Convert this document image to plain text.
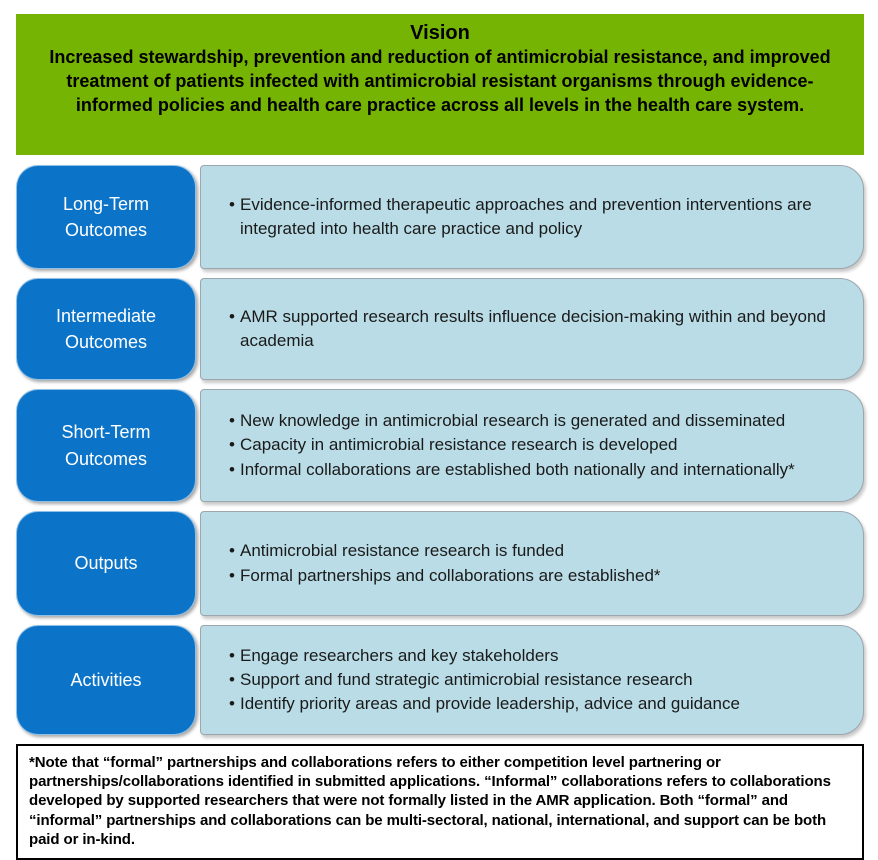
Vision
Increased stewardship, prevention and reduction of antimicrobial resistance, and improved treatment of patients infected with antimicrobial resistant organisms through evidence-informed policies and health care practice across all levels in the health care system.
Long-Term Outcomes
• Evidence-informed therapeutic approaches and prevention interventions are integrated into health care practice and policy
Intermediate Outcomes
• AMR supported research results influence decision-making within and beyond academia
Short-Term Outcomes
• New knowledge in antimicrobial research is generated and disseminated
• Capacity in antimicrobial resistance research is developed
• Informal collaborations are established both nationally and internationally*
Outputs
• Antimicrobial resistance research is funded
• Formal partnerships and collaborations are established*
Activities
• Engage researchers and key stakeholders
• Support and fund strategic antimicrobial resistance research
• Identify priority areas and provide leadership, advice and guidance
*Note that “formal” partnerships and collaborations refers to either competition level partnering or partnerships/collaborations identified in submitted applications. “Informal” collaborations refers to collaborations developed by supported researchers that were not formally listed in the AMR application. Both “formal” and “informal” partnerships and collaborations can be multi-sectoral, national, international, and support can be both paid or in-kind.
